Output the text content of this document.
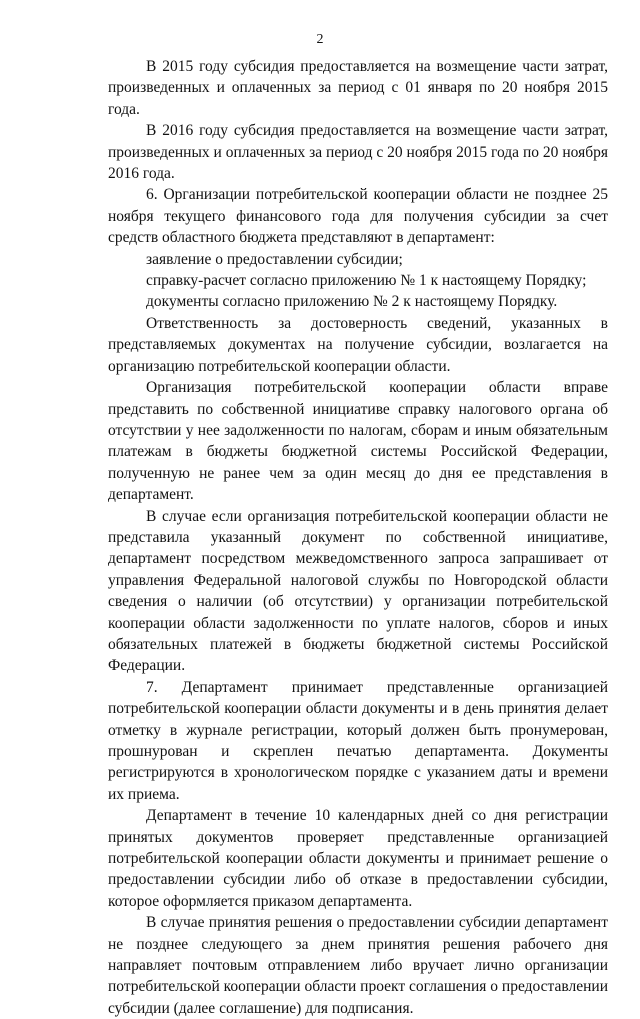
2

В 2015 году субсидия предоставляется на возмещение части затрат, произведенных и оплаченных за период с 01 января по 20 ноября 2015 года.

В 2016 году субсидия предоставляется на возмещение части затрат, произведенных и оплаченных за период с 20 ноября 2015 года по 20 ноября 2016 года.

6. Организации потребительской кооперации области не позднее 25 ноября текущего финансового года для получения субсидии за счет средств областного бюджета представляют в департамент:

заявление о предоставлении субсидии;

справку-расчет согласно приложению № 1 к настоящему Порядку;

документы согласно приложению № 2 к настоящему Порядку.

Ответственность за достоверность сведений, указанных в представляемых документах на получение субсидии, возлагается на организацию потребительской кооперации области.

Организация потребительской кооперации области вправе представить по собственной инициативе справку налогового органа об отсутствии у нее задолженности по налогам, сборам и иным обязательным платежам в бюджеты бюджетной системы Российской Федерации, полученную не ранее чем за один месяц до дня ее представления в департамент.

В случае если организация потребительской кооперации области не представила указанный документ по собственной инициативе, департамент посредством межведомственного запроса запрашивает от управления Федеральной налоговой службы по Новгородской области сведения о наличии (об отсутствии) у организации потребительской кооперации области задолженности по уплате налогов, сборов и иных обязательных платежей в бюджеты бюджетной системы Российской Федерации.

7. Департамент принимает представленные организацией потребительской кооперации области документы и в день принятия делает отметку в журнале регистрации, который должен быть пронумерован, прошнурован и скреплен печатью департамента. Документы регистрируются в хронологическом порядке с указанием даты и времени их приема.

Департамент в течение 10 календарных дней со дня регистрации принятых документов проверяет представленные организацией потребительской кооперации области документы и принимает решение о предоставлении субсидии либо об отказе в предоставлении субсидии, которое оформляется приказом департамента.

В случае принятия решения о предоставлении субсидии департамент не позднее следующего за днем принятия решения рабочего дня направляет почтовым отправлением либо вручает лично организации потребительской кооперации области проект соглашения о предоставлении субсидии (далее соглашение) для подписания.
